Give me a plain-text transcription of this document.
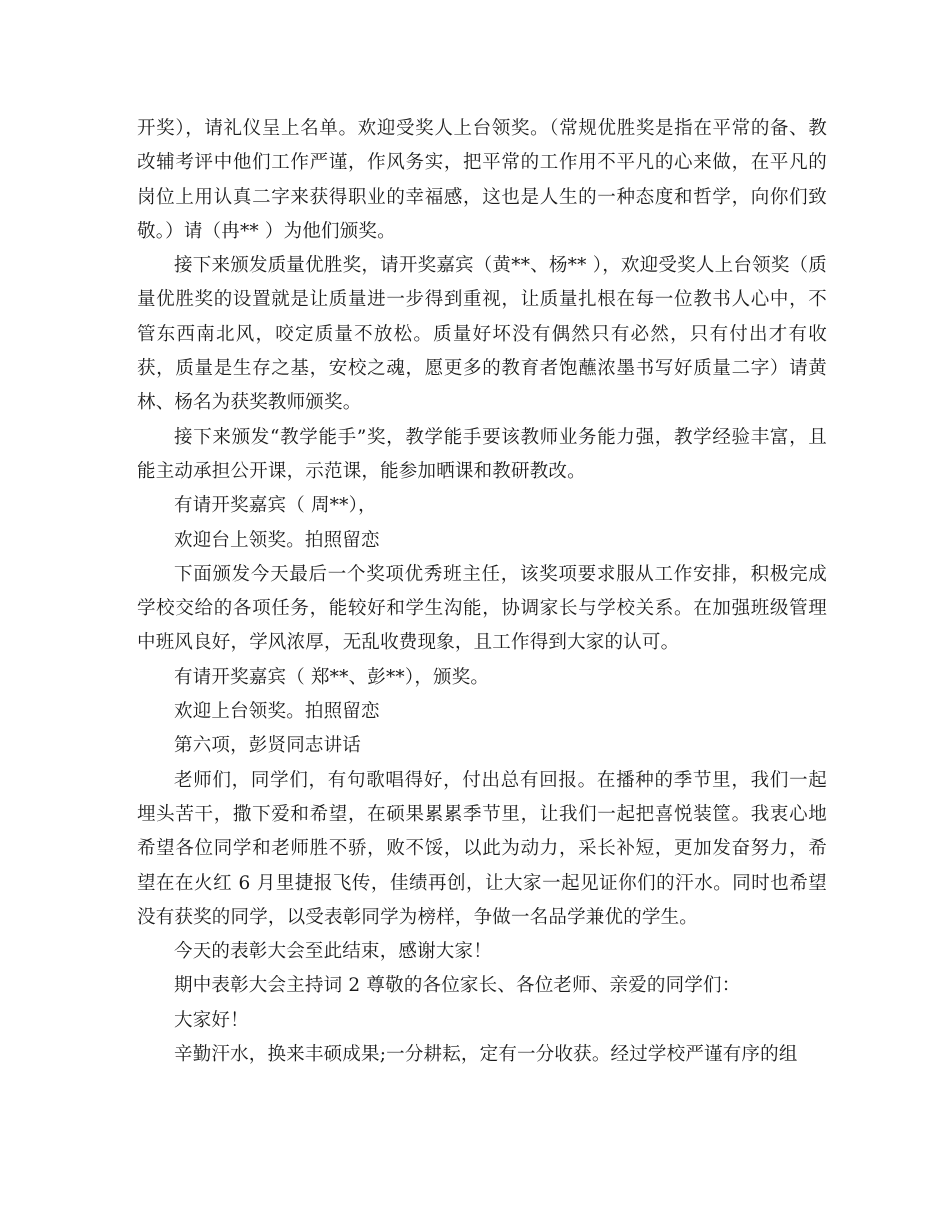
开奖），请礼仪呈上名单。欢迎受奖人上台领奖。（常规优胜奖是指在平常的备、教改辅考评中他们工作严谨，作风务实，把平常的工作用不平凡的心来做，在平凡的岗位上用认真二字来获得职业的幸福感，这也是人生的一种态度和哲学，向你们致敬。）请（冉** ）为他们颁奖。

接下来颁发质量优胜奖，请开奖嘉宾（黄**、杨** ），欢迎受奖人上台领奖（质量优胜奖的设置就是让质量进一步得到重视，让质量扎根在每一位教书人心中，不管东西南北风，咬定质量不放松。质量好坏没有偶然只有必然，只有付出才有收获，质量是生存之基，安校之魂，愿更多的教育者饱蘸浓墨书写好质量二字）请黄林、杨名为获奖教师颁奖。

接下来颁发“教学能手”奖，教学能手要该教师业务能力强，教学经验丰富，且能主动承担公开课，示范课，能参加晒课和教研教改。

有请开奖嘉宾（ 周**），

欢迎台上领奖。拍照留恋

下面颁发今天最后一个奖项优秀班主任，该奖项要求服从工作安排，积极完成学校交给的各项任务，能较好和学生沟能，协调家长与学校关系。在加强班级管理中班风良好，学风浓厚，无乱收费现象，且工作得到大家的认可。

有请开奖嘉宾（ 郑**、彭**），颁奖。

欢迎上台领奖。拍照留恋

第六项，彭贤同志讲话

老师们，同学们，有句歌唱得好，付出总有回报。在播种的季节里，我们一起埋头苦干，撒下爱和希望，在硕果累累季节里，让我们一起把喜悦装筐。我衷心地希望各位同学和老师胜不骄，败不馁，以此为动力，采长补短，更加发奋努力，希望在在火红 6 月里捷报飞传，佳绩再创，让大家一起见证你们的汗水。同时也希望没有获奖的同学，以受表彰同学为榜样，争做一名品学兼优的学生。

今天的表彰大会至此结束，感谢大家！

期中表彰大会主持词 2 尊敬的各位家长、各位老师、亲爱的同学们：

大家好！

辛勤汗水，换来丰硕成果;一分耕耘，定有一分收获。经过学校严谨有序的组
